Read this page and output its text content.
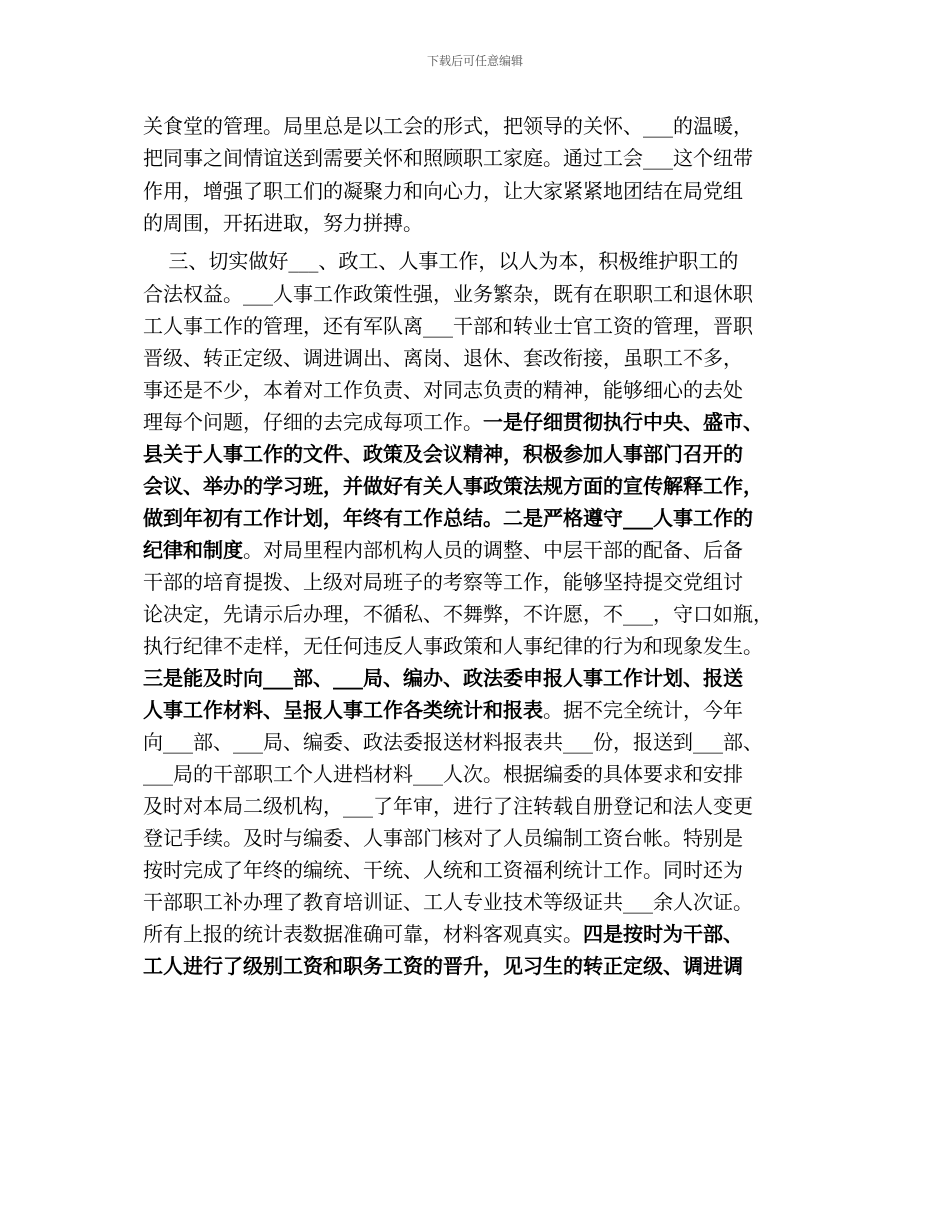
下载后可任意编辑
关食堂的管理。局里总是以工会的形式，把领导的关怀、___的温暖，
把同事之间情谊送到需要关怀和照顾职工家庭。通过工会___这个纽带
作用，增强了职工们的凝聚力和向心力，让大家紧紧地团结在局党组
的周围，开拓进取，努力拼搏。
三、切实做好___、政工、人事工作，以人为本，积极维护职工的
合法权益。___人事工作政策性强，业务繁杂，既有在职职工和退休职
工人事工作的管理，还有军队离___干部和转业士官工资的管理，晋职
晋级、转正定级、调进调出、离岗、退休、套改衔接，虽职工不多，
事还是不少，本着对工作负责、对同志负责的精神，能够细心的去处
理每个问题，仔细的去完成每项工作。一是仔细贯彻执行中央、盛市、
县关于人事工作的文件、政策及会议精神，积极参加人事部门召开的
会议、举办的学习班，并做好有关人事政策法规方面的宣传解释工作，
做到年初有工作计划，年终有工作总结。二是严格遵守___人事工作的
纪律和制度。对局里程内部机构人员的调整、中层干部的配备、后备
干部的培育提拨、上级对局班子的考察等工作，能够坚持提交党组讨
论决定，先请示后办理，不循私、不舞弊，不许愿，不___，守口如瓶，
执行纪律不走样，无任何违反人事政策和人事纪律的行为和现象发生。
三是能及时向___部、___局、编办、政法委申报人事工作计划、报送
人事工作材料、呈报人事工作各类统计和报表。据不完全统计，今年
向___部、___局、编委、政法委报送材料报表共___份，报送到___部、
___局的干部职工个人进档材料___人次。根据编委的具体要求和安排
及时对本局二级机构，___了年审，进行了注转载自册登记和法人变更
登记手续。及时与编委、人事部门核对了人员编制工资台帐。特别是
按时完成了年终的编统、干统、人统和工资福利统计工作。同时还为
干部职工补办理了教育培训证、工人专业技术等级证共___余人次证。
所有上报的统计表数据准确可靠，材料客观真实。四是按时为干部、
工人进行了级别工资和职务工资的晋升，见习生的转正定级、调进调
